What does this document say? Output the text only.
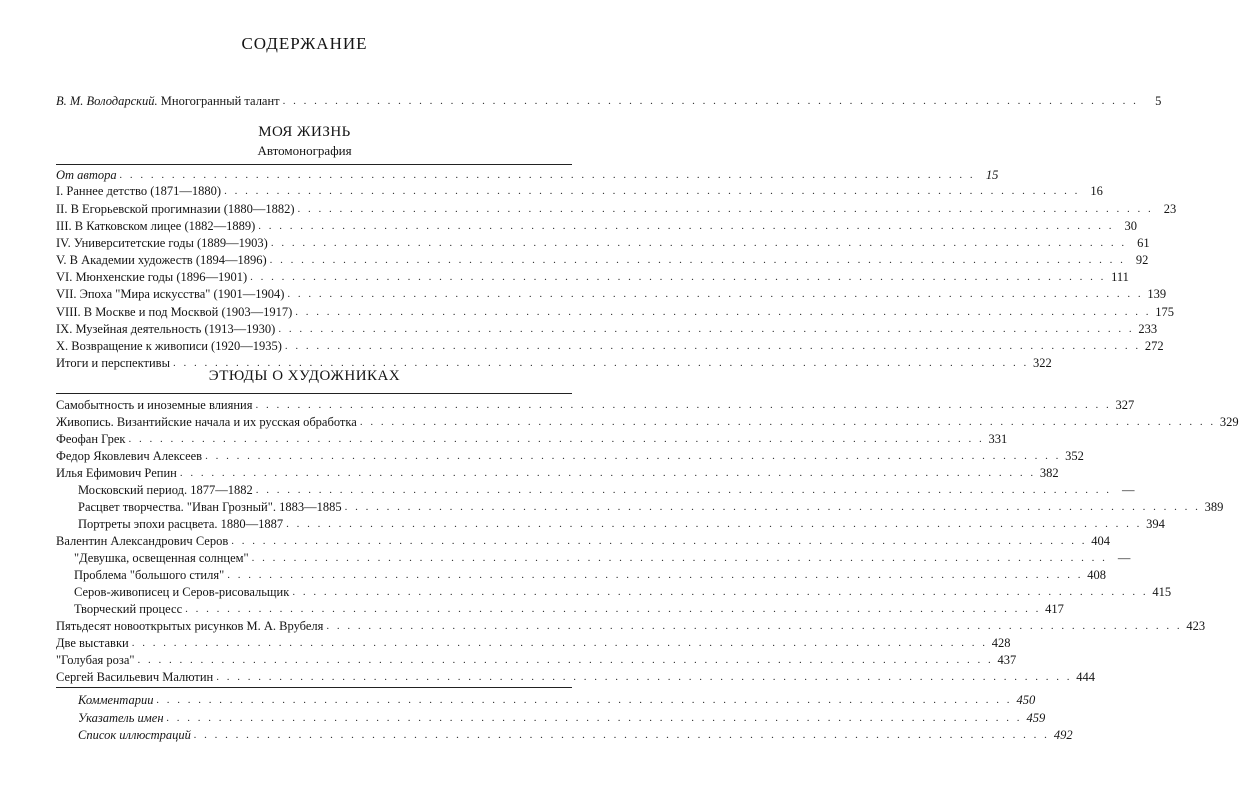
СОДЕРЖАНИЕ
В. М. Володарский. Многогранный талант . . . . . . . . . . . . . . . . . . . . . . . . . . . . . . . . . . . . . . . . . . . . . . . . . . . . . . . . . . . . . . . . . . . . . . . . . . . . . . . . . .	5
МОЯ ЖИЗНЬ
Автомонография
От автора . . . . . . . . . . . . . . . . . . . . . . . . . . . . . . . . . . . . . . . . . . . . . . . . . . . . . . . . . . . . . . . . . . . . . . . . . . . . . . . . . . 15
I. Раннее детство (1871—1880) . . . . . . . . . . . . . . . . . . . . . . . . . . . . . . . . . . . . . . . . . . . . . . . . . . . . . . . . . . . . . . . . . . . . . . . . . . . . . . . . . . 16
II. В Егорьевской прогимназии (1880—1882) . . . . . . . . . . . . . . . . . . . . . . . . . . . . . . . . . . . . . . . . . . . . . . . . . . . . . . . . . . . . . . . . . . . . . . . . . . . . . . . . . . 23
III. В Катковском лицее (1882—1889) . . . . . . . . . . . . . . . . . . . . . . . . . . . . . . . . . . . . . . . . . . . . . . . . . . . . . . . . . . . . . . . . . . . . . . . . . . . . . . . . . . 30
IV. Университетские годы (1889—1903) . . . . . . . . . . . . . . . . . . . . . . . . . . . . . . . . . . . . . . . . . . . . . . . . . . . . . . . . . . . . . . . . . . . . . . . . . . . . . . . . . . 61
V. В Академии художеств (1894—1896) . . . . . . . . . . . . . . . . . . . . . . . . . . . . . . . . . . . . . . . . . . . . . . . . . . . . . . . . . . . . . . . . . . . . . . . . . . . . . . . . . . 92
VI. Мюнхенские годы (1896—1901) . . . . . . . . . . . . . . . . . . . . . . . . . . . . . . . . . . . . . . . . . . . . . . . . . . . . . . . . . . . . . . . . . . . . . . . . . . . . . . . . . . 111
VII. Эпоха "Мира искусства" (1901—1904) . . . . . . . . . . . . . . . . . . . . . . . . . . . . . . . . . . . . . . . . . . . . . . . . . . . . . . . . . . . . . . . . . . . . . . . . . . . . . . . . . . 139
VIII. В Москве и под Москвой (1903—1917) . . . . . . . . . . . . . . . . . . . . . . . . . . . . . . . . . . . . . . . . . . . . . . . . . . . . . . . . . . . . . . . . . . . . . . . . . . . . . . . . . . 175
IX. Музейная деятельность (1913—1930) . . . . . . . . . . . . . . . . . . . . . . . . . . . . . . . . . . . . . . . . . . . . . . . . . . . . . . . . . . . . . . . . . . . . . . . . . . . . . . . . . . 233
X. Возвращение к живописи (1920—1935) . . . . . . . . . . . . . . . . . . . . . . . . . . . . . . . . . . . . . . . . . . . . . . . . . . . . . . . . . . . . . . . . . . . . . . . . . . . . . . . . . . 272
Итоги и перспективы . . . . . . . . . . . . . . . . . . . . . . . . . . . . . . . . . . . . . . . . . . . . . . . . . . . . . . . . . . . . . . . . . . . . . . . . . . . . . . . . . . 322
ЭТЮДЫ О ХУДОЖНИКАХ
Самобытность и иноземные влияния . . . . . . . . . . . . . . . . . . . . . . . . . . . . . . . . . . . . . . . . . . . . . . . . . . . . . . . . . . . . . . . . . . . . . . . . . . . . . . . . . . 327
Живопись. Византийские начала и их русская обработка . . . . . . . . . . . . . . . . . . . . . . . . . . . . . . . . . . . . . . . . . . . . . . . . . . . . . . . . . . . . . . . . . . . . . . . . . . . . . . . . . . 329
Феофан Грек . . . . . . . . . . . . . . . . . . . . . . . . . . . . . . . . . . . . . . . . . . . . . . . . . . . . . . . . . . . . . . . . . . . . . . . . . . . . . . . . . . 331
Федор Яковлевич Алексеев . . . . . . . . . . . . . . . . . . . . . . . . . . . . . . . . . . . . . . . . . . . . . . . . . . . . . . . . . . . . . . . . . . . . . . . . . . . . . . . . . . 352
Илья Ефимович Репин . . . . . . . . . . . . . . . . . . . . . . . . . . . . . . . . . . . . . . . . . . . . . . . . . . . . . . . . . . . . . . . . . . . . . . . . . . . . . . . . . . 382
Московский период. 1877—1882 . . . . . . . . . . . . . . . . . . . . . . . . . . . . . . . . . . . . . . . . . . . . . . . . . . . . . . . . . . . . . . . . . . . . . . . . . . . . . . . . . . —
Расцвет творчества. "Иван Грозный". 1883—1885 . . . . . . . . . . . . . . . . . . . . . . . . . . . . . . . . . . . . . . . . . . . . . . . . . . . . . . . . . . . . . . . . . . . . . . . . . . . . . . . . . . 389
Портреты эпохи расцвета. 1880—1887 . . . . . . . . . . . . . . . . . . . . . . . . . . . . . . . . . . . . . . . . . . . . . . . . . . . . . . . . . . . . . . . . . . . . . . . . . . . . . . . . . . 394
Валентин Александрович Серов . . . . . . . . . . . . . . . . . . . . . . . . . . . . . . . . . . . . . . . . . . . . . . . . . . . . . . . . . . . . . . . . . . . . . . . . . . . . . . . . . . 404
"Девушка, освещенная солнцем" . . . . . . . . . . . . . . . . . . . . . . . . . . . . . . . . . . . . . . . . . . . . . . . . . . . . . . . . . . . . . . . . . . . . . . . . . . . . . . . . . . —
Проблема "большого стиля" . . . . . . . . . . . . . . . . . . . . . . . . . . . . . . . . . . . . . . . . . . . . . . . . . . . . . . . . . . . . . . . . . . . . . . . . . . . . . . . . . . 408
Серов-живописец и Серов-рисовальщик . . . . . . . . . . . . . . . . . . . . . . . . . . . . . . . . . . . . . . . . . . . . . . . . . . . . . . . . . . . . . . . . . . . . . . . . . . . . . . . . . . 415
Творческий процесс . . . . . . . . . . . . . . . . . . . . . . . . . . . . . . . . . . . . . . . . . . . . . . . . . . . . . . . . . . . . . . . . . . . . . . . . . . . . . . . . . . 417
Пятьдесят новооткрытых рисунков М. А. Врубеля . . . . . . . . . . . . . . . . . . . . . . . . . . . . . . . . . . . . . . . . . . . . . . . . . . . . . . . . . . . . . . . . . . . . . . . . . . . . . . . . . . 423
Две выставки . . . . . . . . . . . . . . . . . . . . . . . . . . . . . . . . . . . . . . . . . . . . . . . . . . . . . . . . . . . . . . . . . . . . . . . . . . . . . . . . . . 428
"Голубая роза" . . . . . . . . . . . . . . . . . . . . . . . . . . . . . . . . . . . . . . . . . . . . . . . . . . . . . . . . . . . . . . . . . . . . . . . . . . . . . . . . . . 437
Сергей Васильевич Малютин . . . . . . . . . . . . . . . . . . . . . . . . . . . . . . . . . . . . . . . . . . . . . . . . . . . . . . . . . . . . . . . . . . . . . . . . . . . . . . . . . . 444
Комментарии . . . . . . . . . . . . . . . . . . . . . . . . . . . . . . . . . . . . . . . . . . . . . . . . . . . . . . . . . . . . . . . . . . . . . . . . . . . . . . . . . . 450
Указатель имен . . . . . . . . . . . . . . . . . . . . . . . . . . . . . . . . . . . . . . . . . . . . . . . . . . . . . . . . . . . . . . . . . . . . . . . . . . . . . . . . . . 459
Список иллюстраций . . . . . . . . . . . . . . . . . . . . . . . . . . . . . . . . . . . . . . . . . . . . . . . . . . . . . . . . . . . . . . . . . . . . . . . . . . . . . . . . . . 492
